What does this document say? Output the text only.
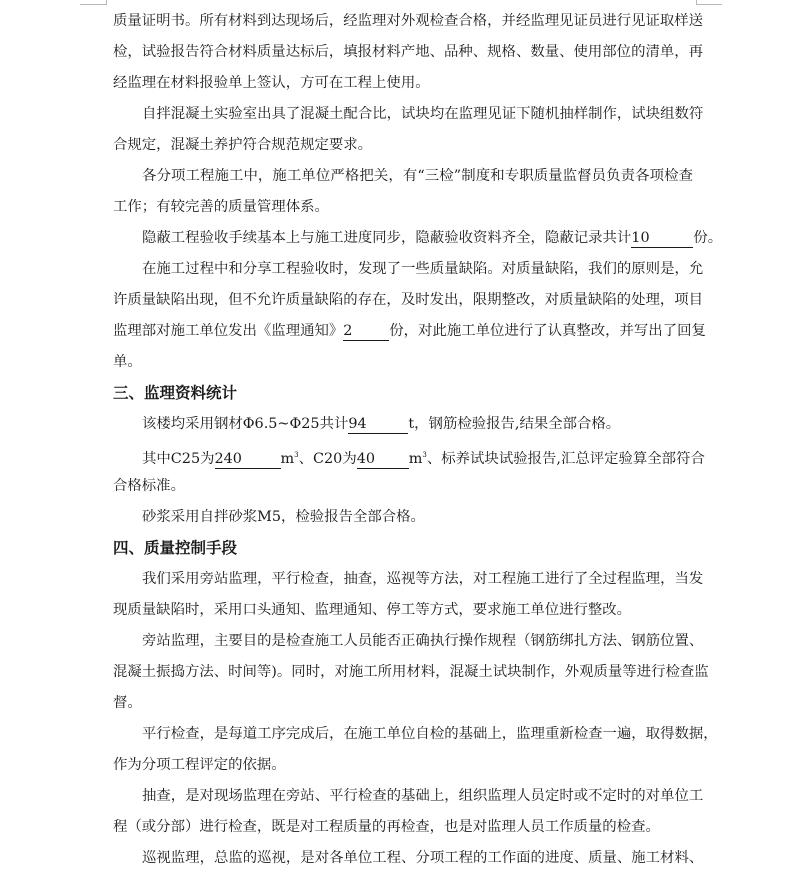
质量证明书。所有材料到达现场后，经监理对外观检查合格，并经监理见证员进行见证取样送
检，试验报告符合材料质量达标后，填报材料产地、品种、规格、数量、使用部位的清单，再
经监理在材料报验单上签认，方可在工程上使用。
自拌混凝土实验室出具了混凝土配合比，试块均在监理见证下随机抽样制作，试块组数符
合规定，混凝土养护符合规范规定要求。
各分项工程施工中，施工单位严格把关，有“三检”制度和专职质量监督员负责各项检查
工作；有较完善的质量管理体系。
隐蔽工程验收手续基本上与施工进度同步，隐蔽验收资料齐全，隐蔽记录共计10	份。
在施工过程中和分享工程验收时，发现了一些质量缺陷。对质量缺陷，我们的原则是，允
许质量缺陷出现，但不允许质量缺陷的存在，及时发出，限期整改，对质量缺陷的处理，项目
监理部对施工单位发出《监理通知》2	份，对此施工单位进行了认真整改，并写出了回复
单。
三、监理资料统计
该楼均采用钢材Φ6.5~Φ25共计94	t，钢筋检验报告,结果全部合格。
其中C25为240	$m^3$、C20为40 $m^3$、标养试块试验报告,汇总评定验算全部符合
合格标准。
砂浆采用自拌砂浆M5，检验报告全部合格。
四、质量控制手段
我们采用旁站监理，平行检查，抽查，巡视等方法，对工程施工进行了全过程监理，当发
现质量缺陷时，采用口头通知、监理通知、停工等方式，要求施工单位进行整改。
旁站监理，主要目的是检查施工人员能否正确执行操作规程（钢筋绑扎方法、钢筋位置、
混凝土振捣方法、时间等)。同时，对施工所用材料，混凝土试块制作，外观质量等进行检查监
督。
平行检查，是每道工序完成后，在施工单位自检的基础上，监理重新检查一遍，取得数据，
作为分项工程评定的依据。
抽查，是对现场监理在旁站、平行检查的基础上，组织监理人员定时或不定时的对单位工
程（或分部）进行检查，既是对工程质量的再检查，也是对监理人员工作质量的检查。
巡视监理，总监的巡视，是对各单位工程、分项工程的工作面的进度、质量、施工材料、
